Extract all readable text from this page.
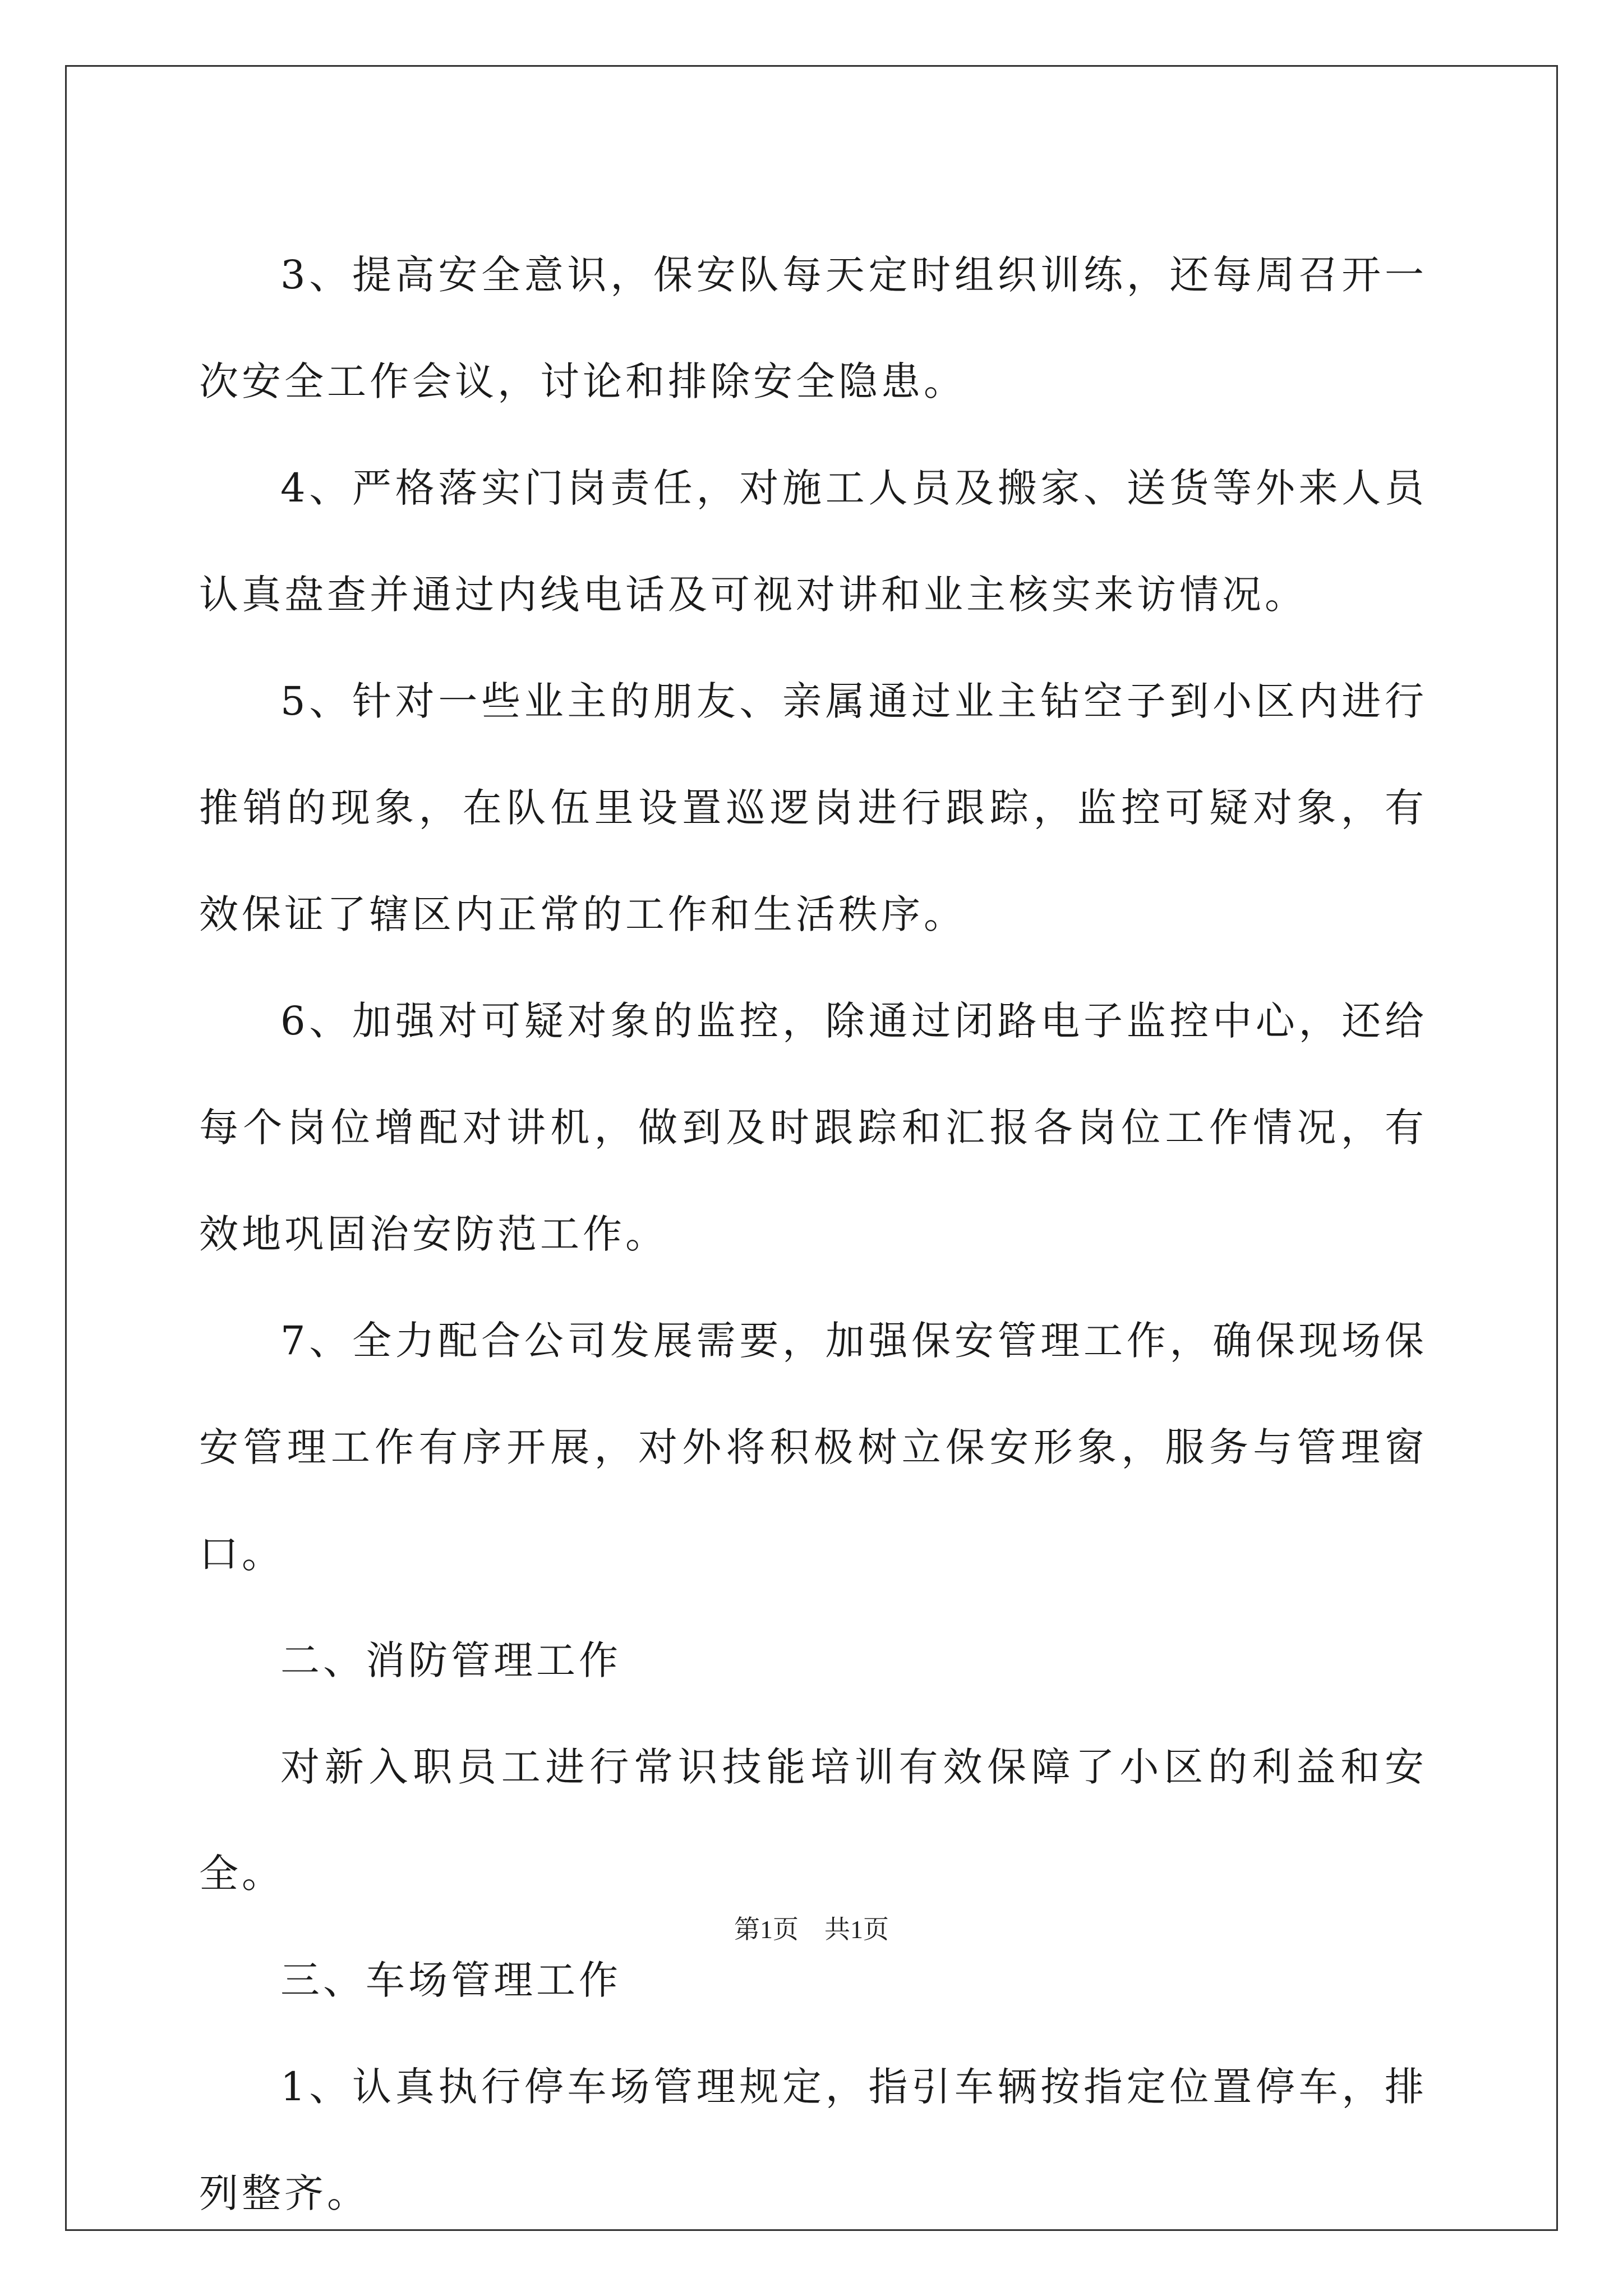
3、提高安全意识，保安队每天定时组织训练，还每周召开一次安全工作会议，讨论和排除安全隐患。

4、严格落实门岗责任，对施工人员及搬家、送货等外来人员认真盘查并通过内线电话及可视对讲和业主核实来访情况。

5、针对一些业主的朋友、亲属通过业主钻空子到小区内进行推销的现象，在队伍里设置巡逻岗进行跟踪，监控可疑对象，有效保证了辖区内正常的工作和生活秩序。

6、加强对可疑对象的监控，除通过闭路电子监控中心，还给每个岗位增配对讲机，做到及时跟踪和汇报各岗位工作情况，有效地巩固治安防范工作。

7、全力配合公司发展需要，加强保安管理工作，确保现场保安管理工作有序开展，对外将积极树立保安形象，服务与管理窗口。

二、消防管理工作

对新入职员工进行常识技能培训有效保障了小区的利益和安全。

三、车场管理工作

1、认真执行停车场管理规定，指引车辆按指定位置停车，排列整齐。

第1页　共1页
